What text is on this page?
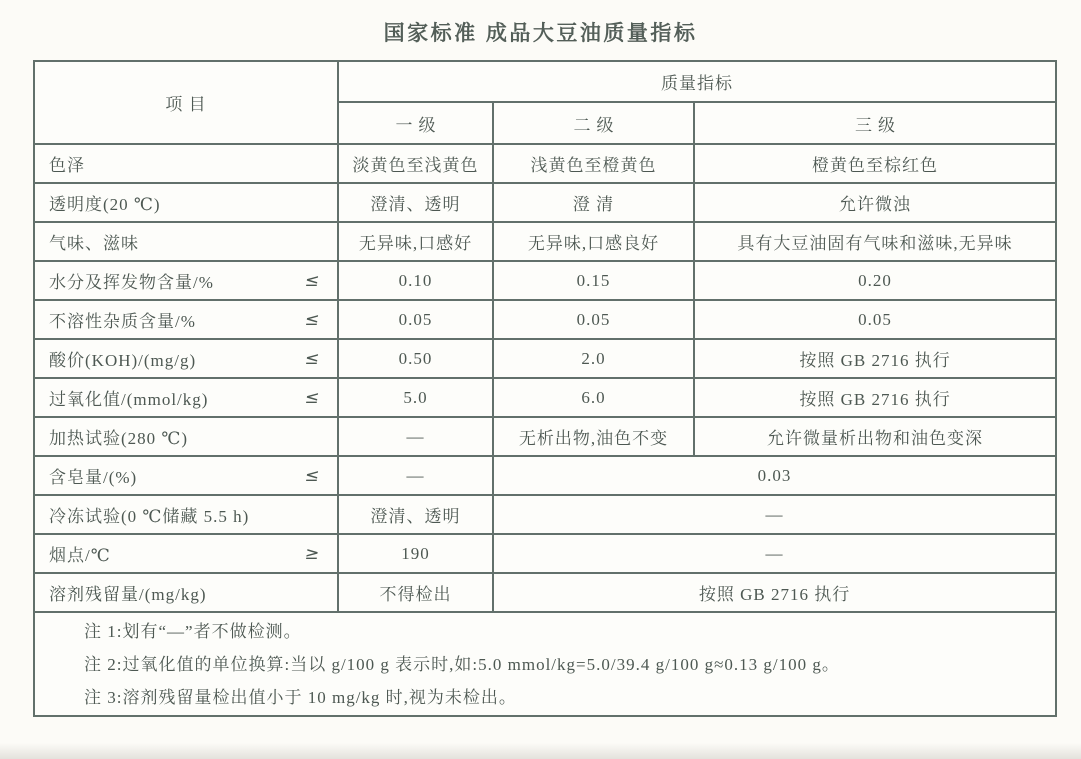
国家标准 成品大豆油质量指标
项 目	质量指标		
	一级	二级	三级

色泽	淡黄色至浅黄色	浅黄色至橙黄色	橙黄色至棕红色

透明度(20 ℃)	澄清、透明	澄 清	允许微浊

气味、滋味	无异味,口感好	无异味,口感良好	具有大豆油固有气味和滋味,无异味

水分及挥发物含量/% ≤	0.10	0.15	0.20

不溶性杂质含量/% ≤	0.05	0.05	0.05

酸价(KOH)/(mg/g) ≤	0.50	2.0	按照 GB 2716 执行

过氧化值/(mmol/kg) ≤	5.0	6.0	按照 GB 2716 执行

加热试验(280 ℃)	—	无析出物,油色不变	允许微量析出物和油色变深

含皂量/(%) ≤	—	0.03	

冷冻试验(0 ℃储藏 5.5 h)	澄清、透明	—	

烟点/℃ ≥	190	—	

溶剂残留量/(mg/kg)	不得检出	按照 GB 2716 执行	

注 1:划有“—”者不做检测。
注 2:过氧化值的单位换算:当以 g/100 g 表示时,如:5.0 mmol/kg=5.0/39.4 g/100 g≈0.13 g/100 g。
注 3:溶剂残留量检出值小于 10 mg/kg 时,视为未检出。			
